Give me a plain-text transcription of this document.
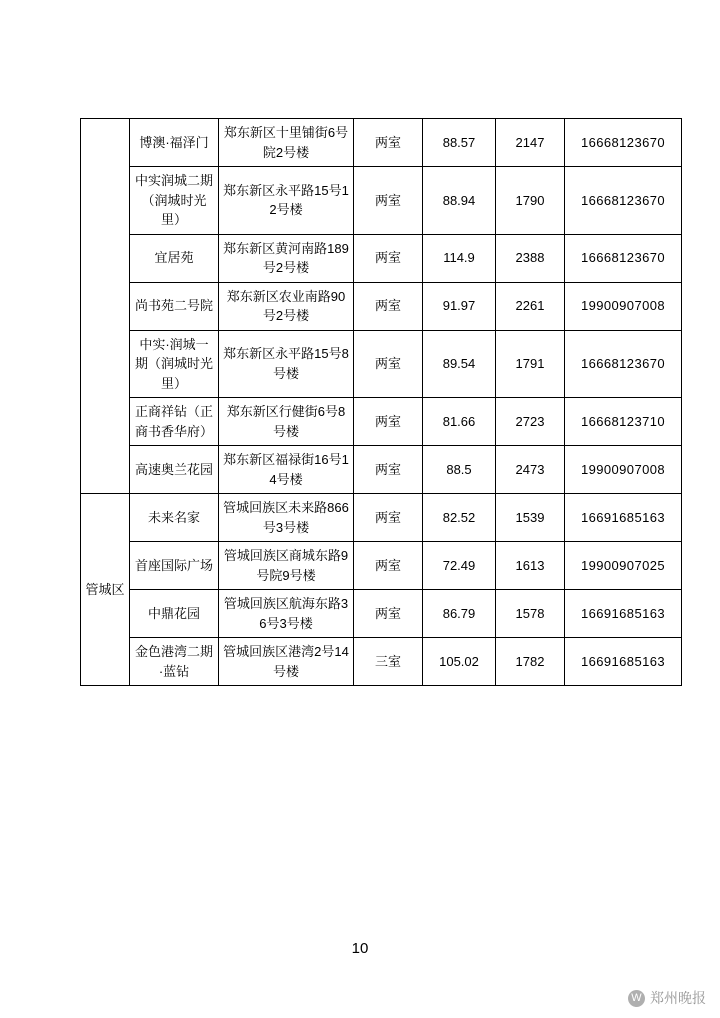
	博澳·福泽门	郑东新区十里铺街6号院2号楼	两室	88.57	2147	16668123670
	中实润城二期（润城时光里）	郑东新区永平路15号12号楼	两室	88.94	1790	16668123670
	宜居苑	郑东新区黄河南路189号2号楼	两室	114.9	2388	16668123670
	尚书苑二号院	郑东新区农业南路90号2号楼	两室	91.97	2261	19900907008
	中实·润城一期（润城时光里）	郑东新区永平路15号8号楼	两室	89.54	1791	16668123670
	正商祥钻（正商书香华府）	郑东新区行健街6号8号楼	两室	81.66	2723	16668123710
	高速奥兰花园	郑东新区福禄街16号14号楼	两室	88.5	2473	19900907008

管城区	未来名家	管城回族区未来路866号3号楼	两室	82.52	1539	16691685163
	首座国际广场	管城回族区商城东路9号院9号楼	两室	72.49	1613	19900907025
	中鼎花园	管城回族区航海东路36号3号楼	两室	86.79	1578	16691685163
	金色港湾二期·蓝钻	管城回族区港湾2号14号楼	三室	105.02	1782	16691685163
10
W 郑州晚报
